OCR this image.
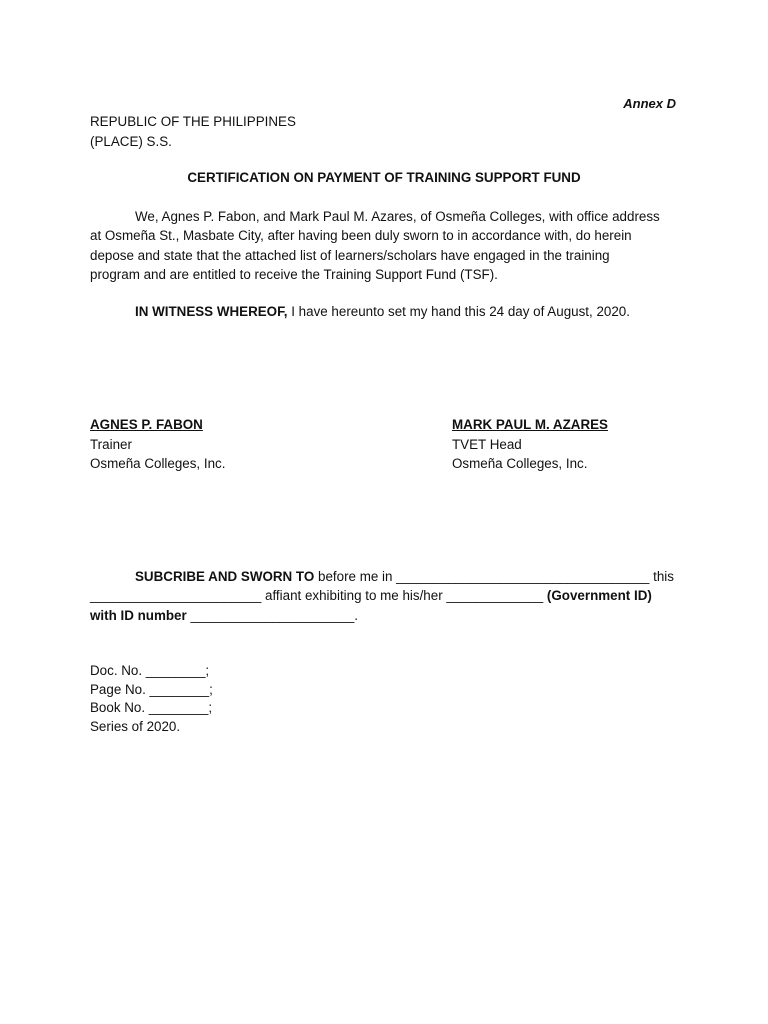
Annex D
REPUBLIC OF THE PHILIPPINES
(PLACE) S.S.
CERTIFICATION ON PAYMENT OF TRAINING SUPPORT FUND
We, Agnes P. Fabon, and Mark Paul M. Azares, of Osmeña Colleges, with office address
at Osmeña St., Masbate City, after having been duly sworn to in accordance with, do herein
depose and state that the attached list of learners/scholars have engaged in the training
program and are entitled to receive the Training Support Fund (TSF).
IN WITNESS WHEREOF, I have hereunto set my hand this 24 day of August, 2020.
AGNES P. FABON
Trainer
Osmeña Colleges, Inc.
MARK PAUL M. AZARES
TVET Head
Osmeña Colleges, Inc.
SUBCRIBE AND SWORN TO before me in __________________________________ this
_______________________ affiant exhibiting to me his/her _____________ (Government ID)
with ID number ______________________.
Doc. No. ________;
Page No. ________;
Book No. ________;
Series of 2020.
